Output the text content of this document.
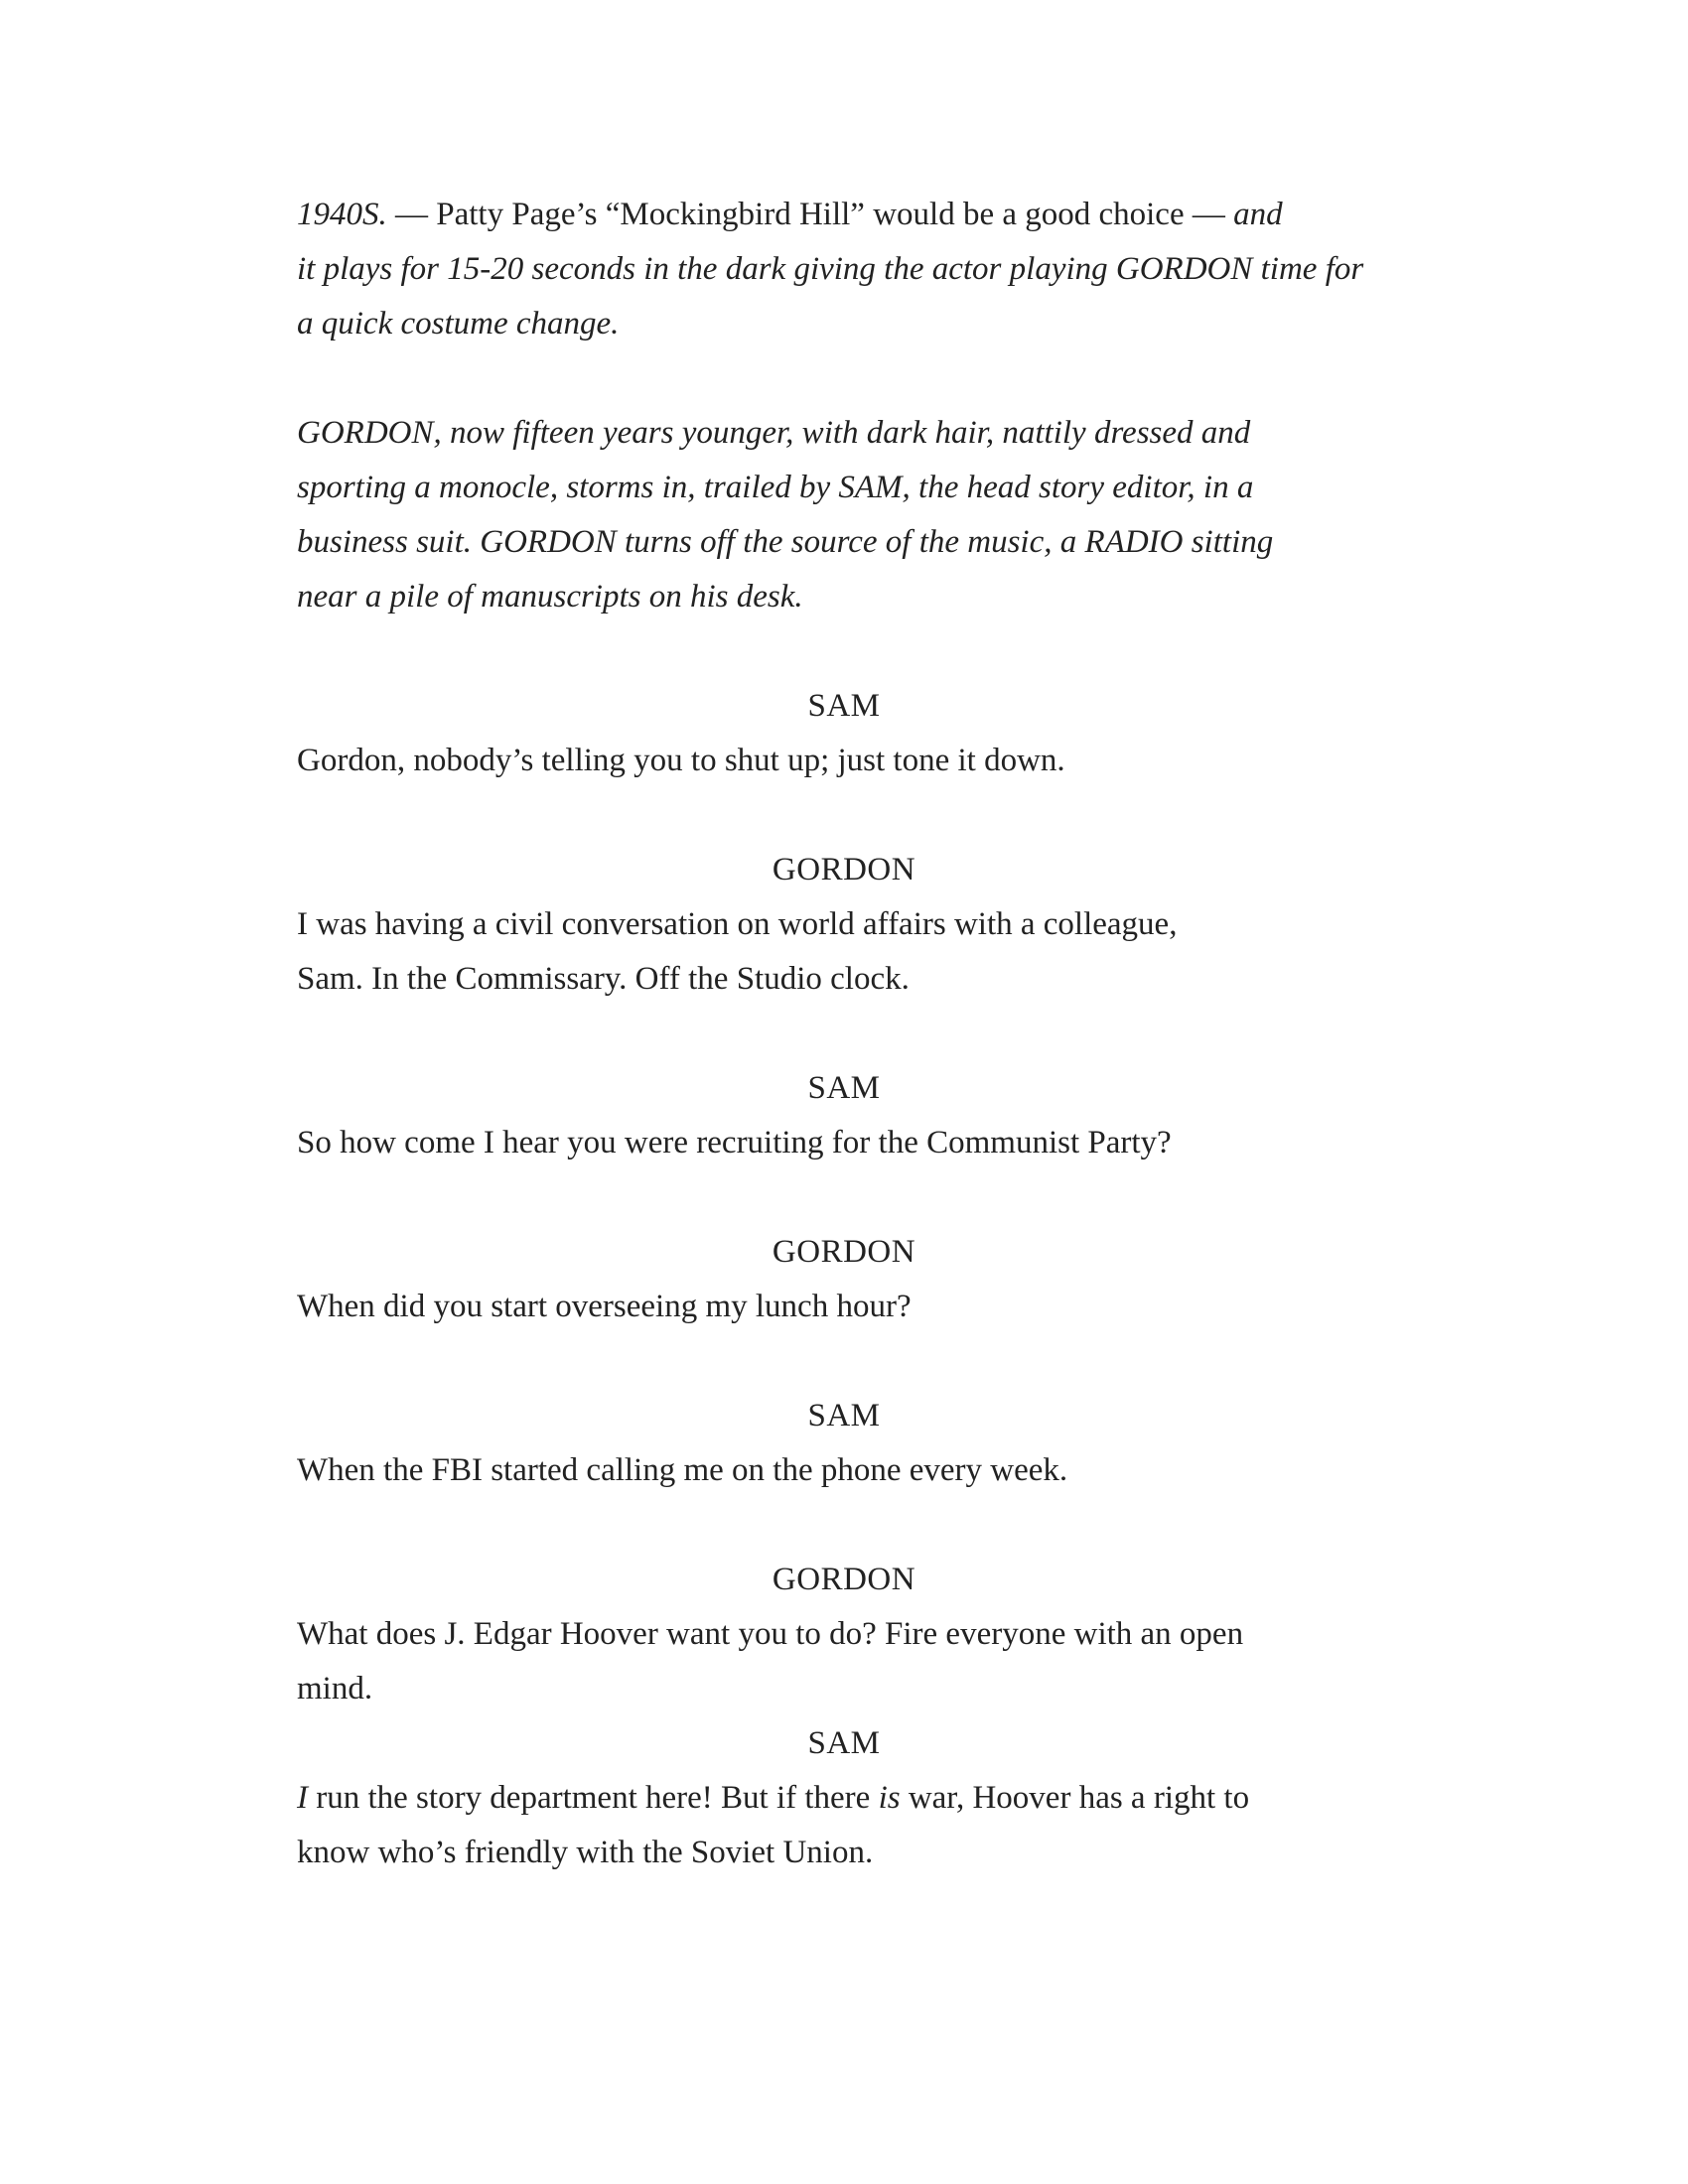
1940S. — Patty Page’s “Mockingbird Hill” would be a good choice — and

it plays for 15-20 seconds in the dark giving the actor playing GORDON time for

a quick costume change.

GORDON, now fifteen years younger, with dark hair, nattily dressed and

sporting a monocle, storms in, trailed by SAM, the head story editor, in a

business suit. GORDON turns off the source of the music, a RADIO sitting

near a pile of manuscripts on his desk.

SAM

Gordon, nobody’s telling you to shut up; just tone it down.

GORDON

I was having a civil conversation on world affairs with a colleague,

Sam. In the Commissary. Off the Studio clock.

SAM

So how come I hear you were recruiting for the Communist Party?

GORDON

When did you start overseeing my lunch hour?

SAM

When the FBI started calling me on the phone every week.

GORDON

What does J. Edgar Hoover want you to do? Fire everyone with an open

mind.

SAM

I run the story department here! But if there is war, Hoover has a right to

know who’s friendly with the Soviet Union.
